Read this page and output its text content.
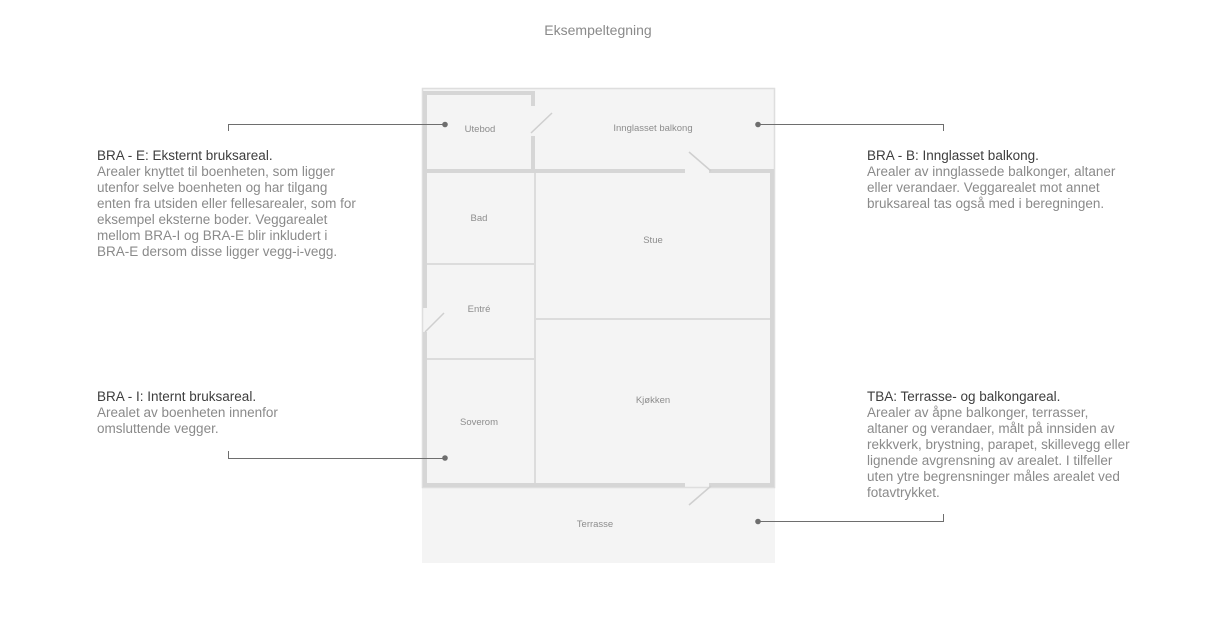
Eksempeltegning
Utebod	Innglasset balkong
Bad
Stue
Entré
Kjøkken
Soverom
Terrasse
BRA - E: Eksternt bruksareal.
Arealer knyttet til boenheten, som ligger utenfor selve boenheten og har tilgang enten fra utsiden eller fellesarealer, som for eksempel eksterne boder. Veggarealet mellom BRA-I og BRA-E blir inkludert i BRA-E dersom disse ligger vegg-i-vegg.
BRA - I: Internt bruksareal.
Arealet av boenheten innenfor omsluttende vegger.
BRA - B: Innglasset balkong.
Arealer av innglassede balkonger, altaner eller verandaer. Veggarealet mot annet bruksareal tas også med i beregningen.
TBA: Terrasse- og balkongareal.
Arealer av åpne balkonger, terrasser, altaner og verandaer, målt på innsiden av rekkverk, brystning, parapet, skillevegg eller lignende avgrensning av arealet. I tilfeller uten ytre begrensninger måles arealet ved fotavtrykket.
